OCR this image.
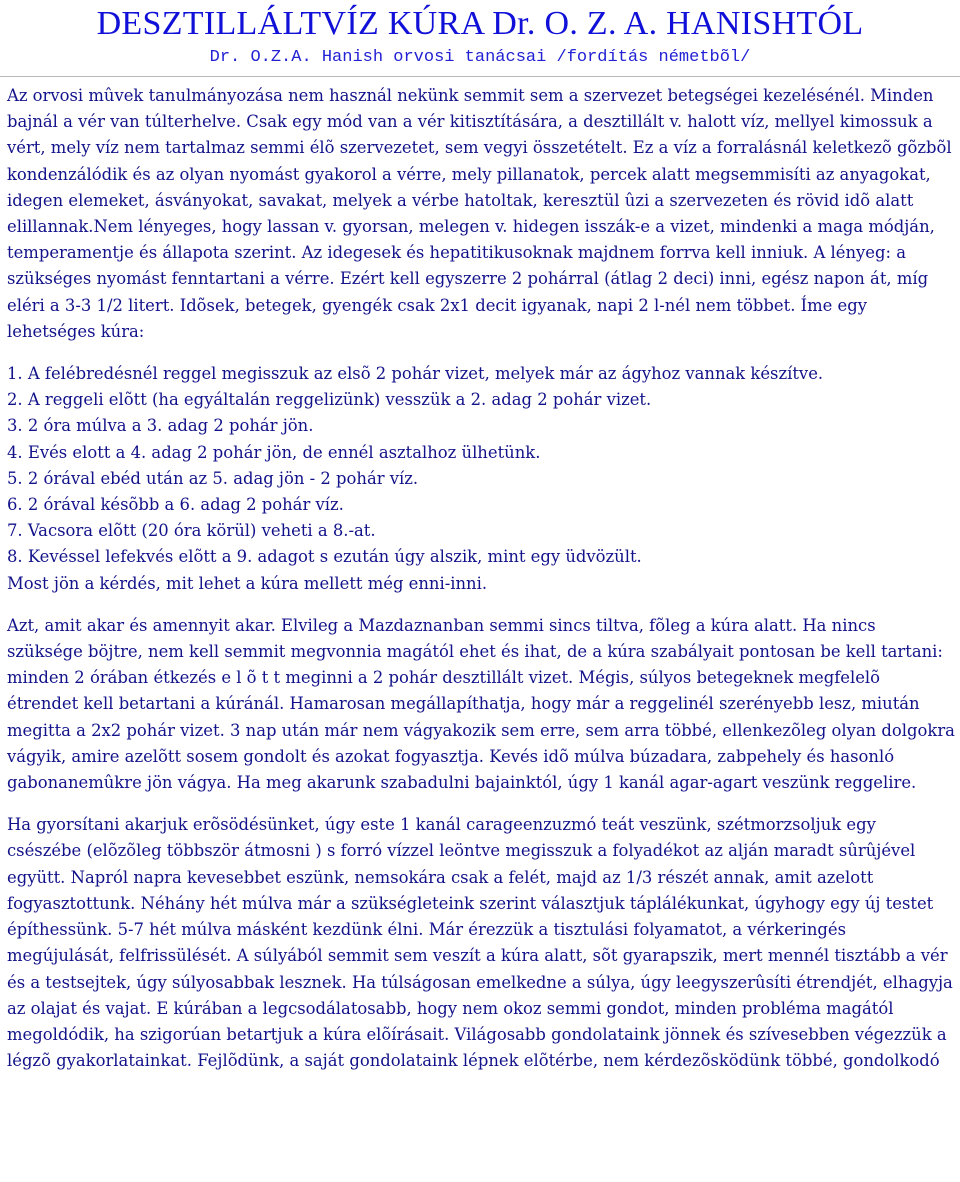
DESZTILLÁLTVÍZ KÚRA Dr. O. Z. A. HANISHTÓL
Dr. O.Z.A. Hanish orvosi tanácsai /fordítás németbõl/

Az orvosi mûvek tanulmányozása nem használ nekünk semmit sem a szervezet betegségei kezelésénél. Minden bajnál a vér van túlterhelve. Csak egy mód van a vér kitisztítására, a desztillált v. halott víz, mellyel kimossuk a vért, mely víz nem tartalmaz semmi élõ szervezetet, sem vegyi összetételt. Ez a víz a forralásnál keletkezõ gõzbõl kondenzálódik és az olyan nyomást gyakorol a vérre, mely pillanatok, percek alatt megsemmisíti az anyagokat, idegen elemeket, ásványokat, savakat, melyek a vérbe hatoltak, keresztül ûzi a szervezeten és rövid idõ alatt elillannak.Nem lényeges, hogy lassan v. gyorsan, melegen v. hidegen isszák-e a vizet, mindenki a maga módján, temperamentje és állapota szerint. Az idegesek és hepatitikusoknak majdnem forrva kell inniuk. A lényeg: a szükséges nyomást fenntartani a vérre. Ezért kell egyszerre 2 pohárral (átlag 2 deci) inni, egész napon át, míg eléri a 3-3 1/2 litert. Idõsek, betegek, gyengék csak 2x1 decit igyanak, napi 2 l-nél nem többet. Íme egy lehetséges kúra:

1. A felébredésnél reggel megisszuk az elsõ 2 pohár vizet, melyek már az ágyhoz vannak készítve.
2. A reggeli elõtt (ha egyáltalán reggelizünk) vesszük a 2. adag 2 pohár vizet.
3. 2 óra múlva a 3. adag 2 pohár jön.
4. Evés elott a 4. adag 2 pohár jön, de ennél asztalhoz ülhetünk.
5. 2 órával ebéd után az 5. adag jön - 2 pohár víz.
6. 2 órával késõbb a 6. adag 2 pohár víz.
7. Vacsora elõtt (20 óra körül) veheti a 8.-at.
8. Kevéssel lefekvés elõtt a 9. adagot s ezután úgy alszik, mint egy üdvözült.

Most jön a kérdés, mit lehet a kúra mellett még enni-inni.

Azt, amit akar és amennyit akar. Elvileg a Mazdaznanban semmi sincs tiltva, fõleg a kúra alatt. Ha nincs szüksége böjtre, nem kell semmit megvonnia magától ehet és ihat, de a kúra szabályait pontosan be kell tartani: minden 2 órában étkezés e l õ t t meginni a 2 pohár desztillált vizet. Mégis, súlyos betegeknek megfelelõ étrendet kell betartani a kúránál. Hamarosan megállapíthatja, hogy már a reggelinél szerényebb lesz, miután megitta a 2x2 pohár vizet. 3 nap után már nem vágyakozik sem erre, sem arra többé, ellenkezõleg olyan dolgokra vágyik, amire azelõtt sosem gondolt és azokat fogyasztja. Kevés idõ múlva búzadara, zabpehely és hasonló gabonanemûkre jön vágya. Ha meg akarunk szabadulni bajainktól, úgy 1 kanál agar-agart veszünk reggelire.

Ha gyorsítani akarjuk erõsödésünket, úgy este 1 kanál carageenzuzmó teát veszünk, szétmorzsoljuk egy csészébe (elõzõleg többször átmosni ) s forró vízzel leöntve megisszuk a folyadékot az alján maradt sûrûjével együtt. Napról napra kevesebbet eszünk, nemsokára csak a felét, majd az 1/3 részét annak, amit azelott fogyasztottunk. Néhány hét múlva már a szükségleteink szerint választjuk táplálékunkat, úgyhogy egy új testet építhessünk. 5-7 hét múlva másként kezdünk élni. Már érezzük a tisztulási folyamatot, a vérkeringés megújulását, felfrissülését. A súlyából semmit sem veszít a kúra alatt, sõt gyarapszik, mert mennél tisztább a vér és a testsejtek, úgy súlyosabbak lesznek. Ha túlságosan emelkedne a súlya, úgy leegyszerûsíti étrendjét, elhagyja az olajat és vajat. E kúrában a legcsodálatosabb, hogy nem okoz semmi gondot, minden probléma magától megoldódik, ha szigorúan betartjuk a kúra elõírásait. Világosabb gondolataink jönnek és szívesebben végezzük a légzõ gyakorlatainkat. Fejlõdünk, a saját gondolataink lépnek elõtérbe, nem kérdezõsködünk többé, gondolkodó
